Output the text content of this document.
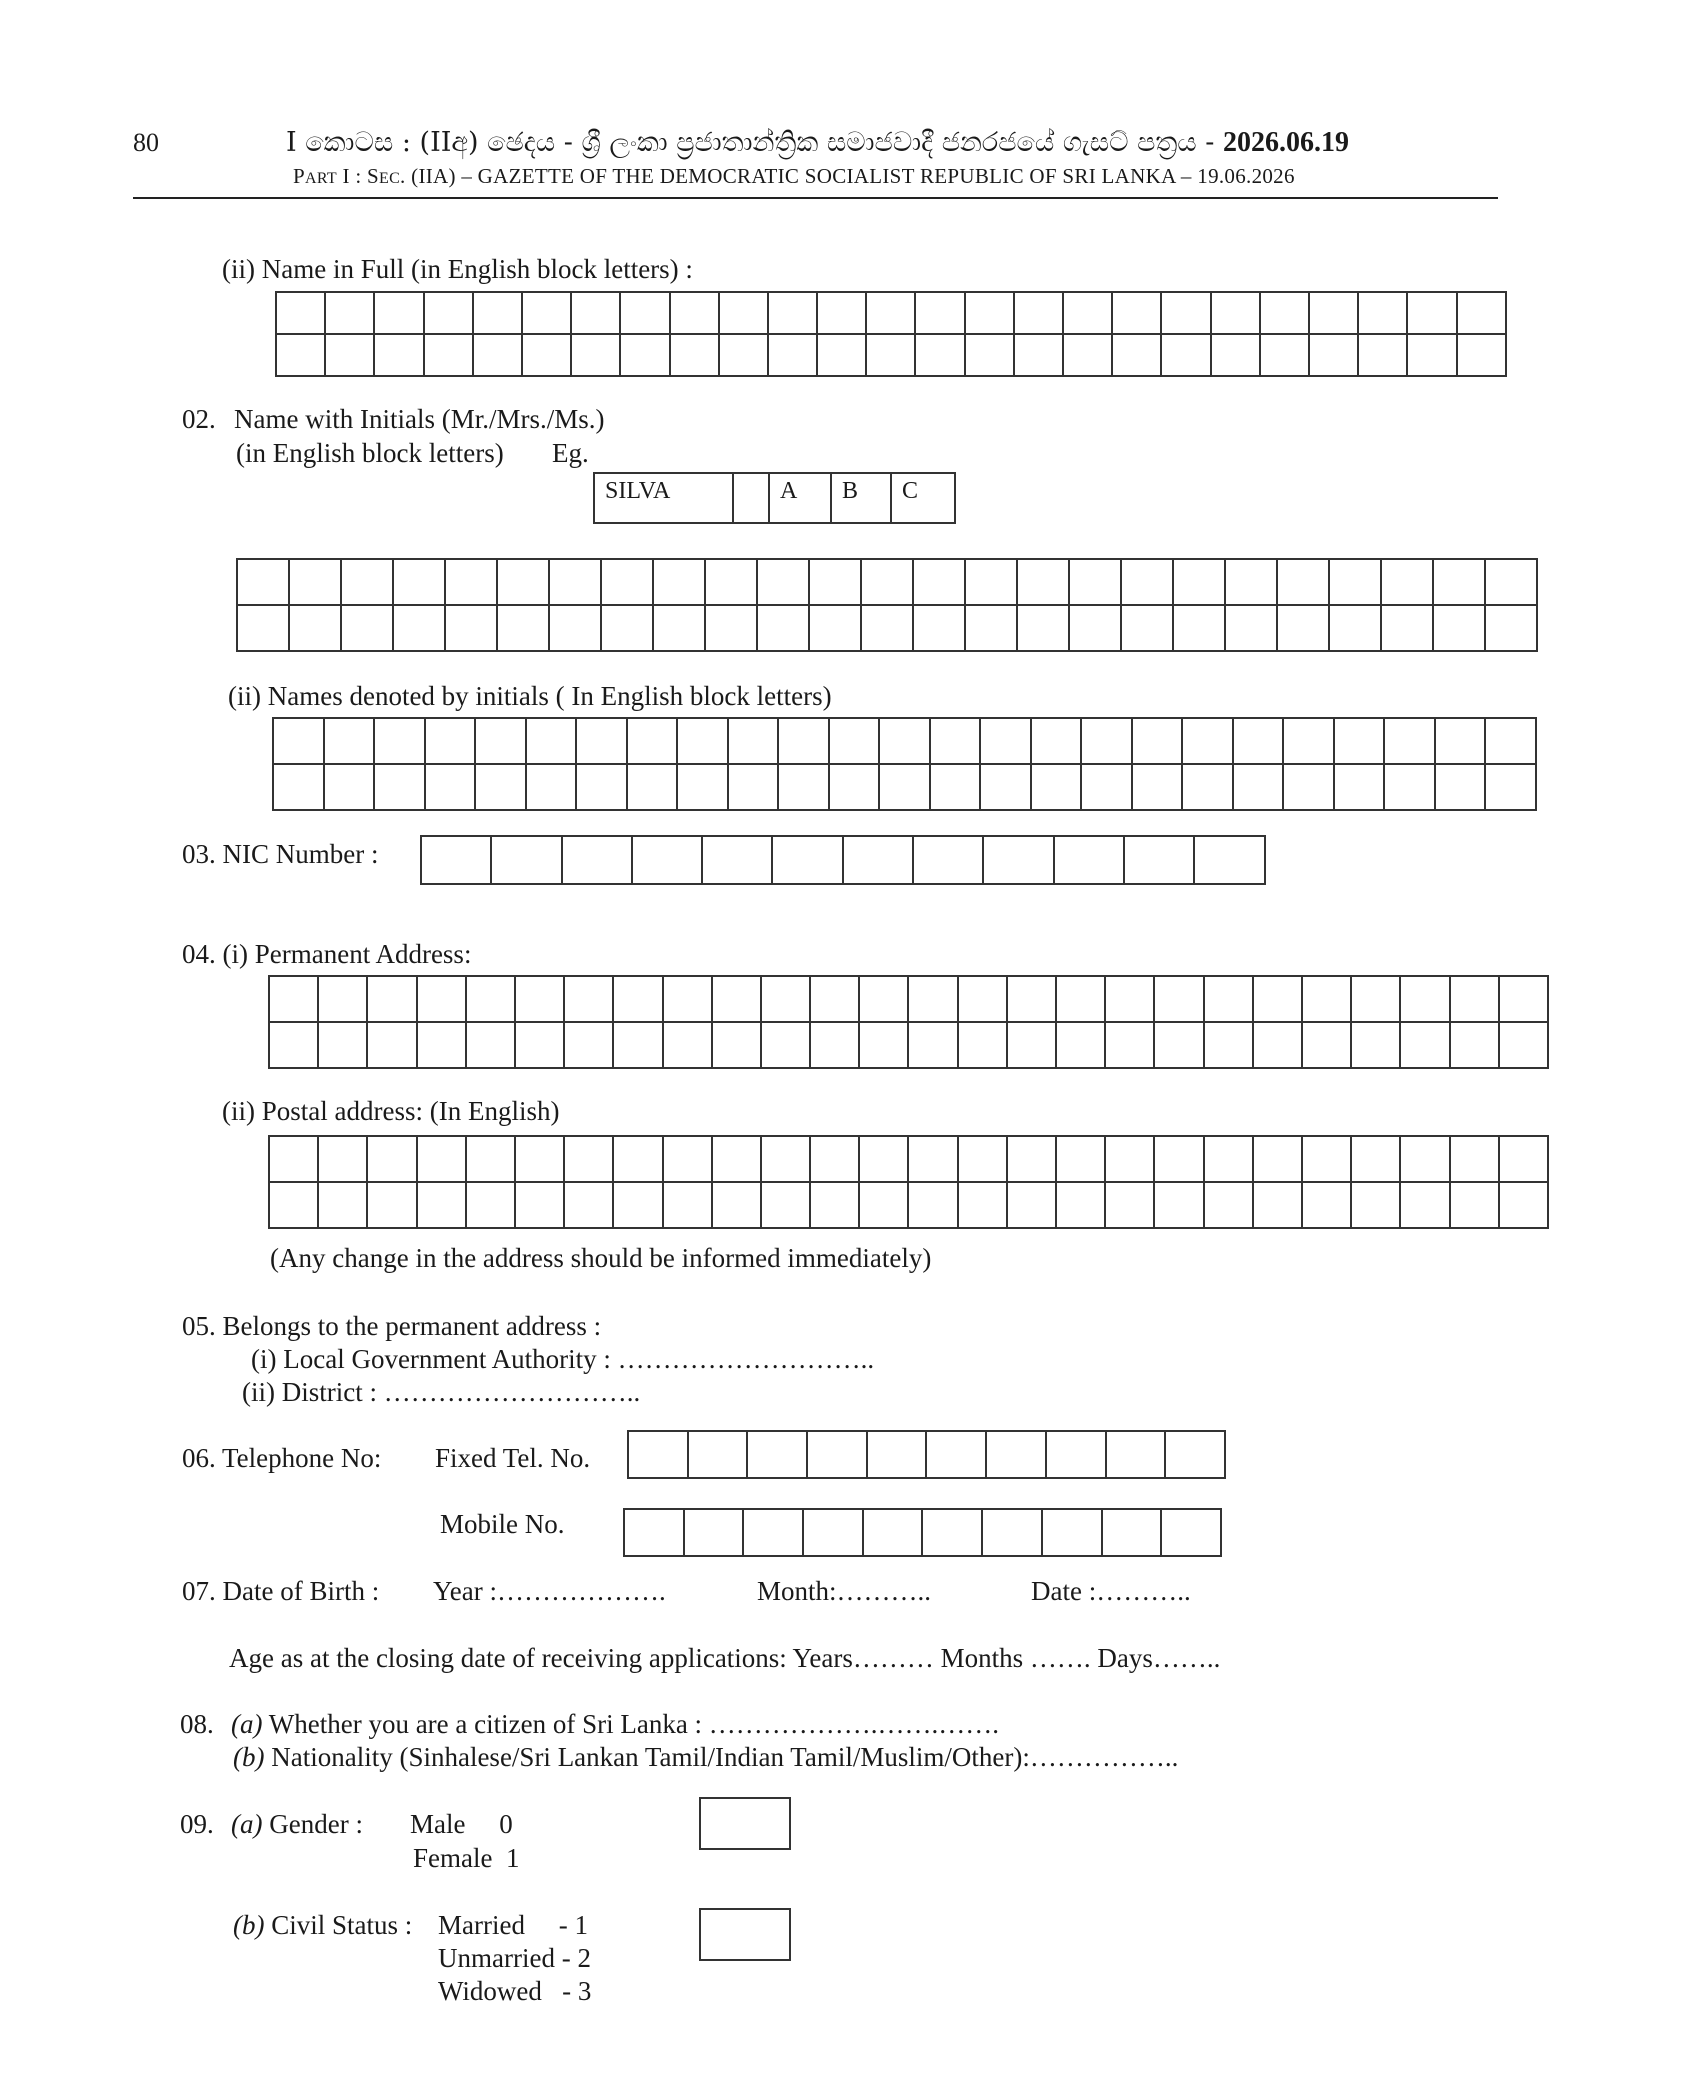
80	I කොටස : (IIඅ) ඡෙදය - ශ්‍රී ලංකා ප්‍රජාතාන්ත්‍රික සමාජවාදී ජනරජයේ ගැසට් පත්‍රය - 2026.06.19
PART I : SEC. (IIA) – GAZETTE OF THE DEMOCRATIC SOCIALIST REPUBLIC OF SRI LANKA – 19.06.2026
(ii) Name in Full (in English block letters) :

02. Name with Initials (Mr./Mrs./Ms.)
(in English block letters) Eg.
SILVA	A	B	C

(ii) Names denoted by initials ( In English block letters)

03. NIC Number :

04. (i) Permanent Address:

(ii) Postal address: (In English)

(Any change in the address should be informed immediately)
05. Belongs to the permanent address :
(i) Local Government Authority : ………………………..
(ii) District : ………………………..
06. Telephone No: Fixed Tel. No.

Mobile No.

07. Date of Birth : Year :……………….	Month:………..	Date :………..
Age as at the closing date of receiving applications: Years……… Months ……. Days……..
08. (a) Whether you are a citizen of Sri Lanka : ……………….…….…….
(b) Nationality (Sinhalese/Sri Lankan Tamil/Indian Tamil/Muslim/Other):……………..
09. (a) Gender : Male     0
Female  1
(b) Civil Status : Married     - 1
Unmarried - 2
Widowed   - 3
